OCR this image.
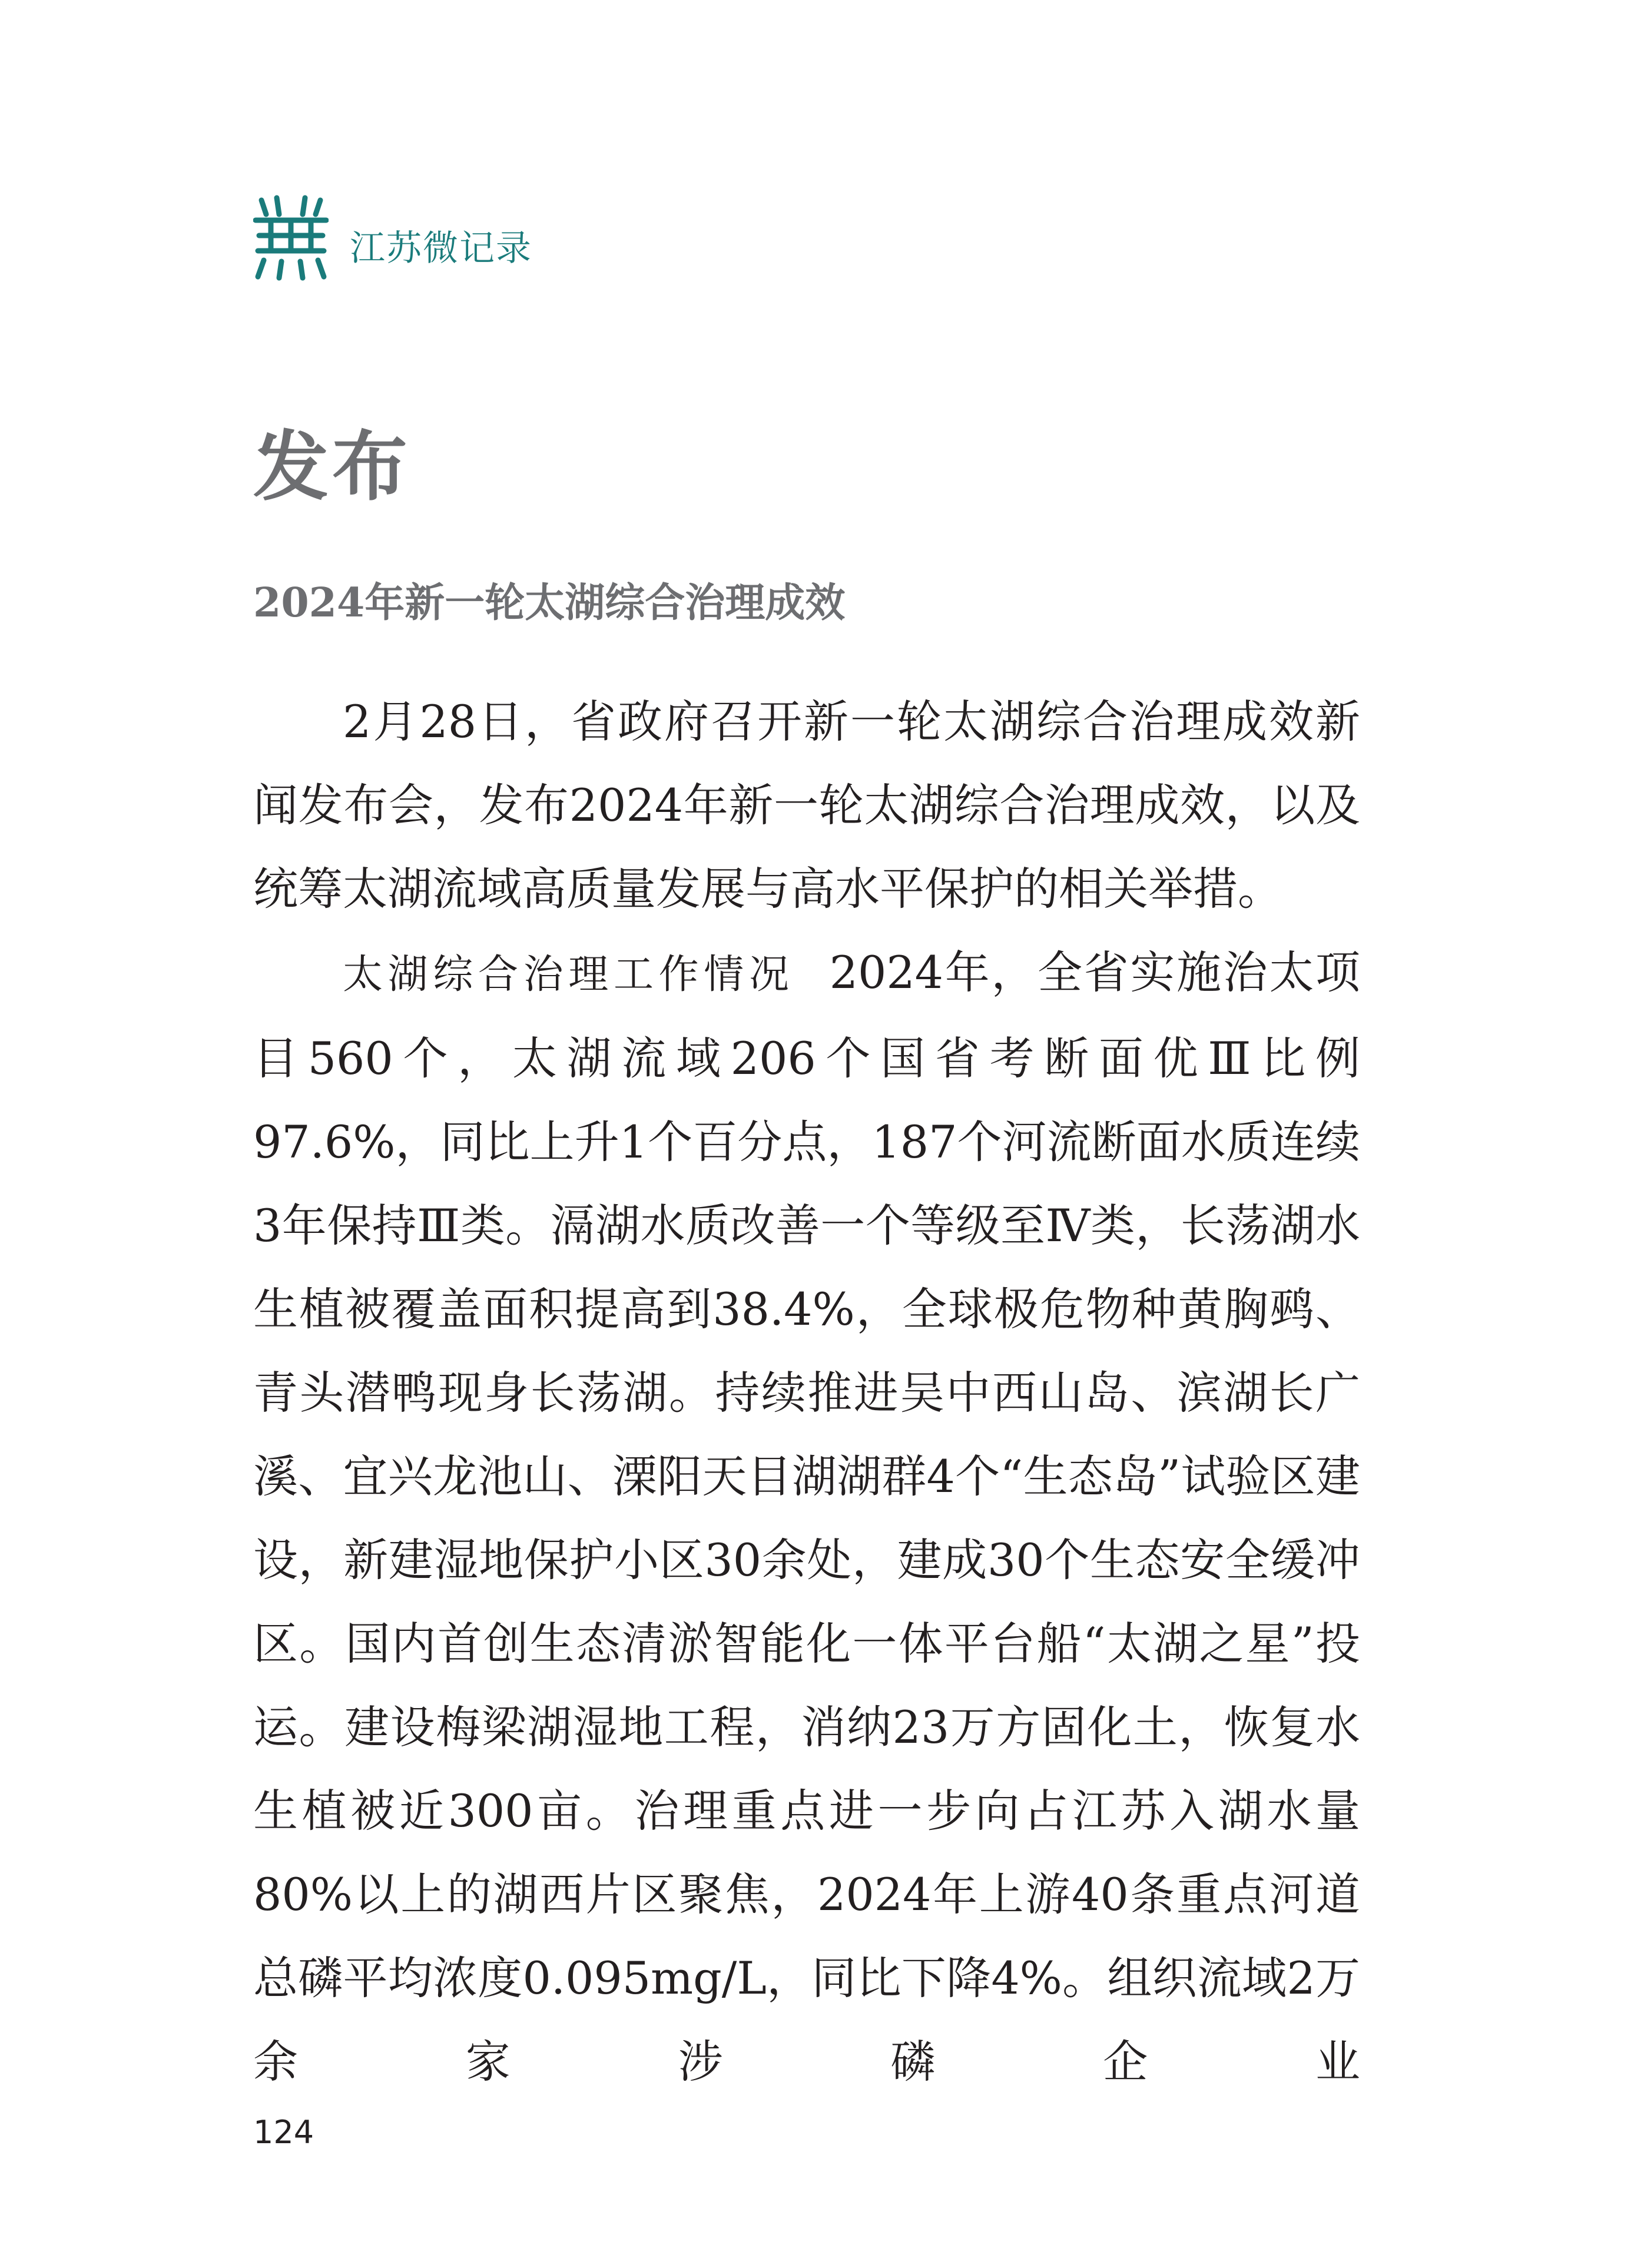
江苏微记录
发布
2024年新一轮太湖综合治理成效

2月28日，省政府召开新一轮太湖综合治理成效新闻发布会，发布2024年新一轮太湖综合治理成效，以及统筹太湖流域高质量发展与高水平保护的相关举措。

太湖综合治理工作情况 2024年，全省实施治太项目560个，太湖流域206个国省考断面优Ⅲ比例97.6%，同比上升1个百分点，187个河流断面水质连续3年保持Ⅲ类。滆湖水质改善一个等级至Ⅳ类，长荡湖水生植被覆盖面积提高到38.4%，全球极危物种黄胸鹀、青头潜鸭现身长荡湖。持续推进吴中西山岛、滨湖长广溪、宜兴龙池山、溧阳天目湖湖群4个“生态岛”试验区建设，新建湿地保护小区30余处，建成30个生态安全缓冲区。国内首创生态清淤智能化一体平台船“太湖之星”投运。建设梅梁湖湿地工程，消纳23万方固化土，恢复水生植被近300亩。治理重点进一步向占江苏入湖水量80%以上的湖西片区聚焦，2024年上游40条重点河道总磷平均浓度0.095mg/L，同比下降4%。组织流域2万余家涉磷企业

124
